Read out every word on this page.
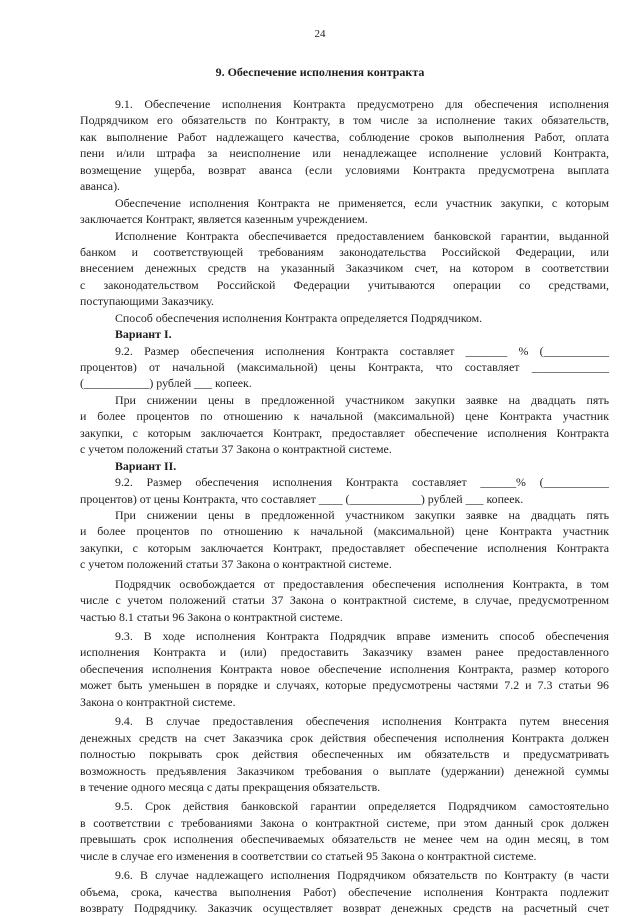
24
9. Обеспечение исполнения контракта
9.1. Обеспечение исполнения Контракта предусмотрено для обеспечения исполнения
Подрядчиком его обязательств по Контракту, в том числе за исполнение таких обязательств,
как выполнение Работ надлежащего качества, соблюдение сроков выполнения Работ, оплата
пени и/или штрафа за неисполнение или ненадлежащее исполнение условий Контракта,
возмещение ущерба, возврат аванса (если условиями Контракта предусмотрена выплата
аванса).
Обеспечение исполнения Контракта не применяется, если участник закупки, с которым
заключается Контракт, является казенным учреждением.
Исполнение Контракта обеспечивается предоставлением банковской гарантии, выданной
банком и соответствующей требованиям законодательства Российской Федерации, или
внесением денежных средств на указанный Заказчиком счет, на котором в соответствии
с законодательством Российской Федерации учитываются операции со средствами,
поступающими Заказчику.
Способ обеспечения исполнения Контракта определяется Подрядчиком.
Вариант I.
9.2. Размер обеспечения исполнения Контракта составляет _______ % (___________
процентов) от начальной (максимальной) цены Контракта, что составляет _____________
(___________) рублей ___ копеек.
При снижении цены в предложенной участником закупки заявке на двадцать пять
и более процентов по отношению к начальной (максимальной) цене Контракта участник
закупки, с которым заключается Контракт, предоставляет обеспечение исполнения Контракта
с учетом положений статьи 37 Закона о контрактной системе.
Вариант II.
9.2. Размер обеспечения исполнения Контракта составляет ______% (___________
процентов) от цены Контракта, что составляет ____ (____________) рублей ___ копеек.
При снижении цены в предложенной участником закупки заявке на двадцать пять
и более процентов по отношению к начальной (максимальной) цене Контракта участник
закупки, с которым заключается Контракт, предоставляет обеспечение исполнения Контракта
с учетом положений статьи 37 Закона о контрактной системе.
Подрядчик освобождается от предоставления обеспечения исполнения Контракта, в том
числе с учетом положений статьи 37 Закона о контрактной системе, в случае, предусмотренном
частью 8.1 статьи 96 Закона о контрактной системе.
9.3. В ходе исполнения Контракта Подрядчик вправе изменить способ обеспечения
исполнения Контракта и (или) предоставить Заказчику взамен ранее предоставленного
обеспечения исполнения Контракта новое обеспечение исполнения Контракта, размер которого
может быть уменьшен в порядке и случаях, которые предусмотрены частями 7.2 и 7.3 статьи 96
Закона о контрактной системе.
9.4. В случае предоставления обеспечения исполнения Контракта путем внесения
денежных средств на счет Заказчика срок действия обеспечения исполнения Контракта должен
полностью покрывать срок действия обеспеченных им обязательств и предусматривать
возможность предъявления Заказчиком требования о выплате (удержании) денежной суммы
в течение одного месяца с даты прекращения обязательств.
9.5. Срок действия банковской гарантии определяется Подрядчиком самостоятельно
в соответствии с требованиями Закона о контрактной системе, при этом данный срок должен
превышать срок исполнения обеспечиваемых обязательств не менее чем на один месяц, в том
числе в случае его изменения в соответствии со статьей 95 Закона о контрактной системе.
9.6. В случае надлежащего исполнения Подрядчиком обязательств по Контракту (в части
объема, срока, качества выполнения Работ) обеспечение исполнения Контракта подлежит
возврату Подрядчику. Заказчик осуществляет возврат денежных средств на расчетный счет
